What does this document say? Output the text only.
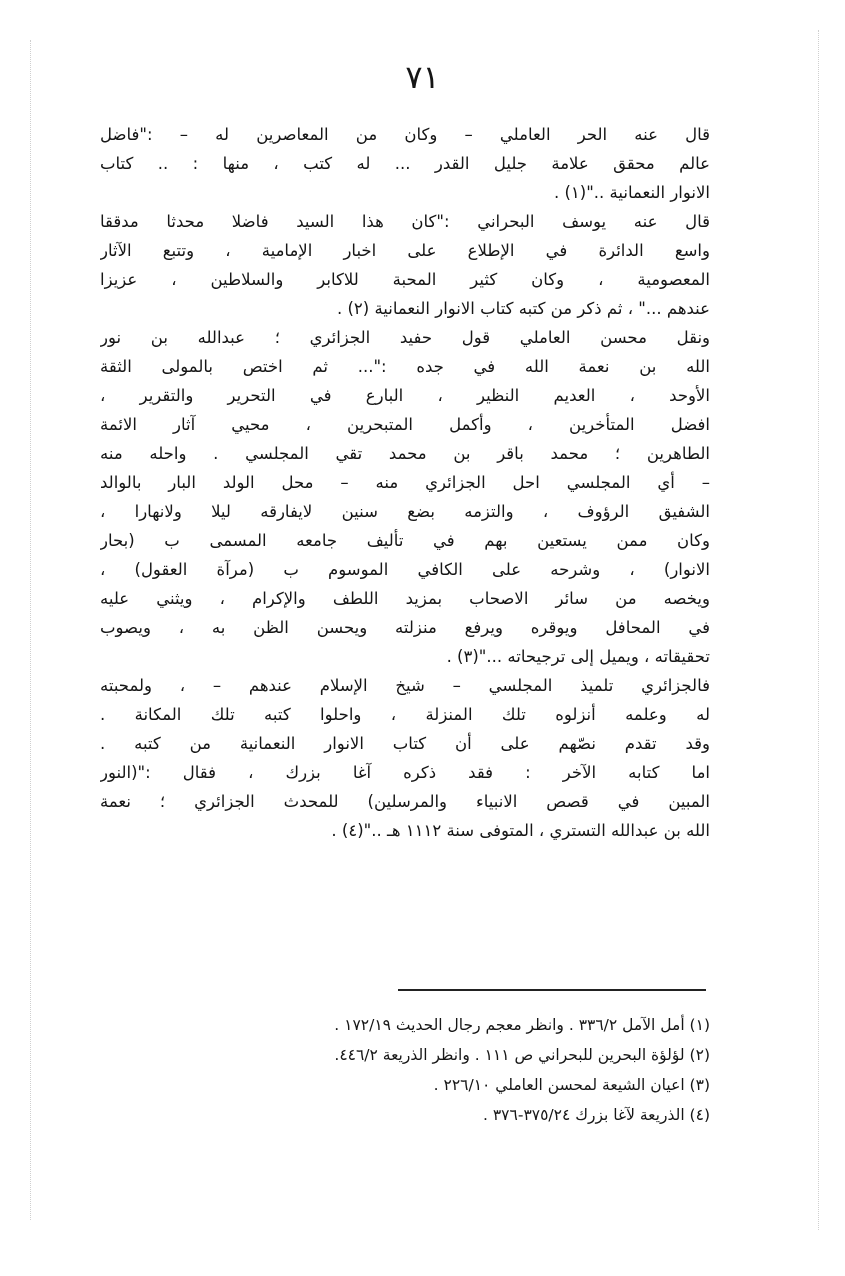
٧١
قال عنه الحر العاملي – وكان من المعاصرين له – :"فاضل
عالم محقق علامة جليل القدر ... له كتب ، منها : .. كتاب
الانوار النعمانية .."(١) .
قال عنه يوسف البحراني :"كان هذا السيد فاضلا محدثا مدققا
واسع الدائرة في الإطلاع على اخبار الإمامية ، وتتبع الآثار
المعصومية ، وكان كثير المحبة للاكابر والسلاطين ، عزيزا
عندهم ..." ، ثم ذكر من كتبه كتاب الانوار النعمانية (٢) .
ونقل محسن العاملي قول حفيد الجزائري ؛ عبدالله بن نور
الله بن نعمة الله في جده :"... ثم اختص بالمولى الثقة
الأوحد ، العديم النظير ، البارع في التحرير والتقرير ،
افضل المتأخرين ، وأكمل المتبحرين ، محيي آثار الائمة
الطاهرين ؛ محمد باقر بن محمد تقي المجلسي . واحله منه
– أي المجلسي احل الجزائري منه – محل الولد البار بالوالد
الشفيق الرؤوف ، والتزمه بضع سنين لايفارقه ليلا ولانهارا ،
وكان ممن يستعين بهم في تأليف جامعه المسمى ب (بحار
الانوار) ، وشرحه على الكافي الموسوم ب (مرآة العقول) ،
ويخصه من سائر الاصحاب بمزيد اللطف والإكرام ، ويثني عليه
في المحافل ويوقره ويرفع منزلته ويحسن الظن به ، ويصوب
تحقيقاته ، ويميل إلى ترجيحاته ..."(٣) .
فالجزائري تلميذ المجلسي – شيخ الإسلام عندهم – ، ولمحبته
له وعلمه أنزلوه تلك المنزلة ، واحلوا كتبه تلك المكانة .
وقد تقدم نصّهم على أن كتاب الانوار النعمانية من كتبه .
اما كتابه الآخر : فقد ذكره آغا بزرك ، فقال :"(النور
المبين في قصص الانبياء والمرسلين) للمحدث الجزائري ؛ نعمة
الله بن عبدالله التستري ، المتوفى سنة ١١١٢ هـ .."(٤) .
(١) أمل الآمل ٣٣٦/٢ . وانظر معجم رجال الحديث ١٧٢/١٩ .
(٢) لؤلؤة البحرين للبحراني ص ١١١ . وانظر الذريعة ٤٤٦/٢.
(٣) اعيان الشيعة لمحسن العاملي ٢٢٦/١٠ .
(٤) الذريعة لآغا بزرك ٣٧٥/٢٤-٣٧٦ .
